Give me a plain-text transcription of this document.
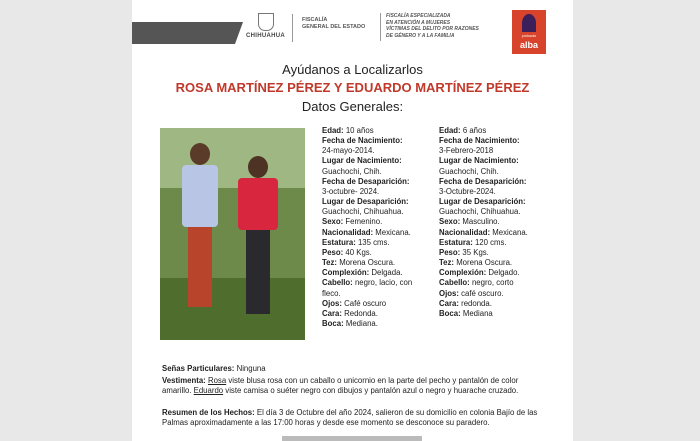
CHIHUAHUA
FISCALÍA
GENERAL DEL ESTADO
FISCALÍA ESPECIALIZADA
EN ATENCIÓN A MUJERES
VÍCTIMAS DEL DELITO POR RAZONES
DE GÉNERO Y A LA FAMILIA	protocolo
alba
Ayúdanos a Localizarlos
ROSA MARTÍNEZ PÉREZ Y EDUARDO MARTÍNEZ PÉREZ
Datos Generales:
Edad: 10 años
Fecha de Nacimiento:
24-mayo-2014.
Lugar de Nacimiento:
Guachochi, Chih.
Fecha de Desaparición:
3-octubre- 2024.
Lugar de Desaparición:
Guachochi, Chihuahua.
Sexo: Femenino.
Nacionalidad: Mexicana.
Estatura: 135 cms.
Peso: 40 Kgs.
Tez: Morena Oscura.
Complexión: Delgada.
Cabello: negro, lacio, con
fleco.
Ojos: Café oscuro
Cara: Redonda.
Boca: Mediana.
Edad: 6 años
Fecha de Nacimiento:
3-Febrero-2018
Lugar de Nacimiento:
Guachochi, Chih.
Fecha de Desaparición:
3-Octubre-2024.
Lugar de Desaparición:
Guachochi, Chihuahua.
Sexo: Masculino.
Nacionalidad: Mexicana.
Estatura: 120 cms.
Peso: 35 Kgs.
Tez: Morena Oscura.
Complexión: Delgado.
Cabello: negro, corto
Ojos: café oscuro.
Cara: redonda.
Boca: Mediana
Señas Particulares: Ninguna
Vestimenta: Rosa viste blusa rosa con un caballo o unicornio en la parte del pecho y pantalón de color
amarillo. Eduardo viste camisa o suéter negro con dibujos y pantalón azul o negro y huarache cruzado.
Resumen de los Hechos: El día 3 de Octubre del año 2024, salieron de su domicilio en colonia Bajío de las
Palmas aproximadamente a las 17:00 horas y desde ese momento se desconoce su paradero.
